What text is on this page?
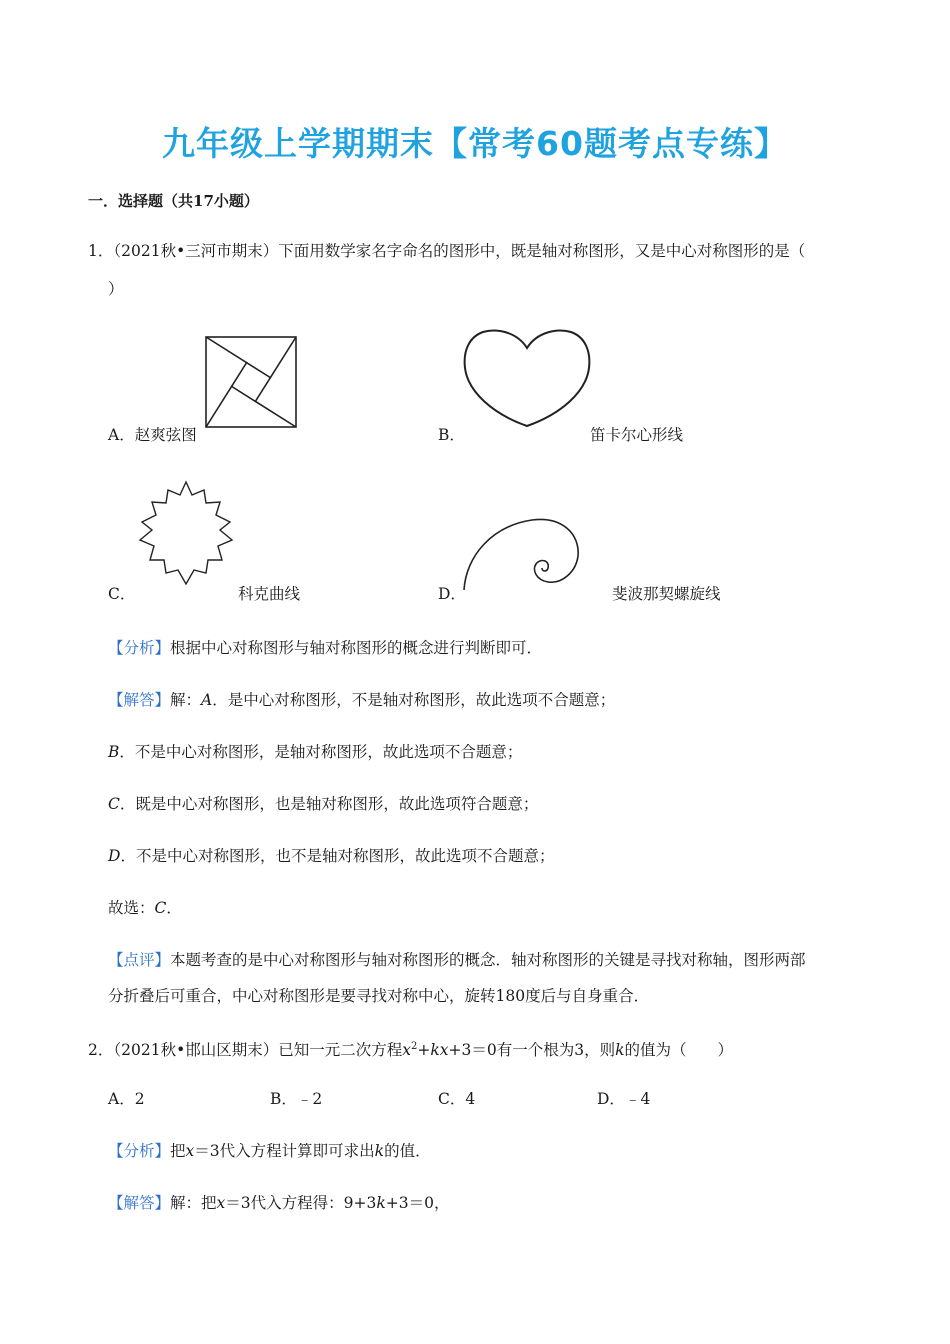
九年级上学期期末【常考60题考点专练】
一．选择题（共17小题）
1．（2021秋•三河市期末）下面用数学家名字命名的图形中，既是轴对称图形，又是中心对称图形的是（
）
A．赵爽弦图	B．	笛卡尔心形线
C．	科克曲线	D．	斐波那契螺旋线
【分析】根据中心对称图形与轴对称图形的概念进行判断即可．
【解答】解：A．是中心对称图形，不是轴对称图形，故此选项不合题意；
B．不是中心对称图形，是轴对称图形，故此选项不合题意；
C．既是中心对称图形，也是轴对称图形，故此选项符合题意；
D．不是中心对称图形，也不是轴对称图形，故此选项不合题意；
故选：C．
【点评】本题考查的是中心对称图形与轴对称图形的概念．轴对称图形的关键是寻找对称轴，图形两部
分折叠后可重合，中心对称图形是要寻找对称中心，旋转180度后与自身重合．
2．（2021秋•邯山区期末）已知一元二次方程$x^2+kx+3=0$有一个根为3，则k的值为（　　）
A．2	B．﹣2	C．4	D．﹣4
【分析】把x＝3代入方程计算即可求出k的值．
【解答】解：把x＝3代入方程得：9+3k+3＝0，
